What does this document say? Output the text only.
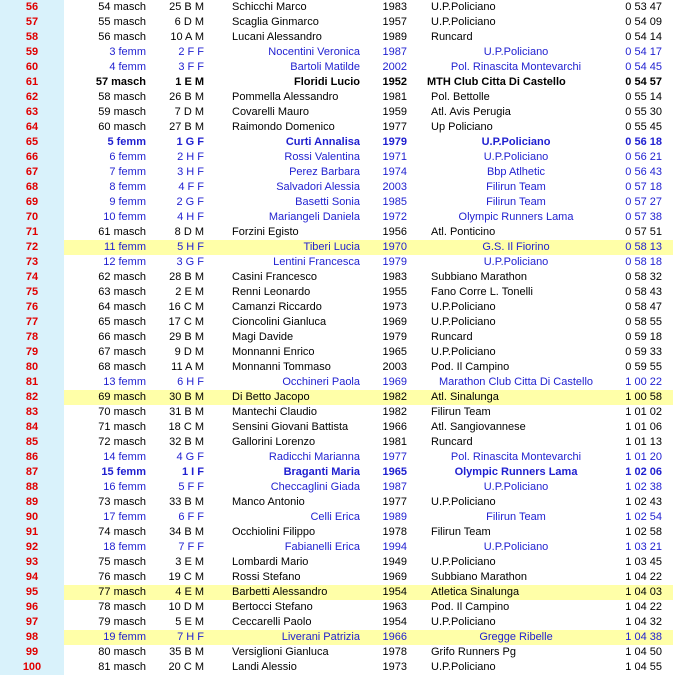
56	54 masch	25 B M	Schicchi Marco	1983 U.P.Policiano	0 53 47
57	55 masch	6 D M	Scaglia Ginmarco	1957 U.P.Policiano	0 54 09
58	56 masch	10 A M	Lucani Alessandro	1989 Runcard	0 54 14
59	3 femm	2 F F	Nocentini Veronica	1987	U.P.Policiano	0 54 17
60	4 femm	3 F F	Bartoli Matilde	2002	Pol. Rinascita Montevarchi	0 54 45
61	57 masch	1 E M	Floridi Lucio	1952 MTH Club Citta Di Castello	0 54 57
62	58 masch	26 B M	Pommella Alessandro	1981 Pol. Bettolle	0 55 14
63	59 masch	7 D M	Covarelli Mauro	1959 Atl. Avis Perugia	0 55 30
64	60 masch	27 B M	Raimondo Domenico	1977 Up Policiano	0 55 45
65	5 femm	1 G F	Curti Annalisa	1979	U.P.Policiano	0 56 18
66	6 femm	2 H F	Rossi Valentina	1971	U.P.Policiano	0 56 21
67	7 femm	3 H F	Perez Barbara	1974	Bbp Atlhetic	0 56 43
68	8 femm	4 F F	Salvadori Alessia	2003	Filirun Team	0 57 18
69	9 femm	2 G F	Basetti Sonia	1985	Filirun Team	0 57 27
70	10 femm	4 H F	Mariangeli Daniela	1972	Olympic Runners Lama	0 57 38
71	61 masch	8 D M	Forzini Egisto	1956 Atl. Ponticino	0 57 51
72	11 femm	5 H F	Tiberi Lucia	1970	G.S. Il Fiorino	0 58 13
73	12 femm	3 G F	Lentini Francesca	1979	U.P.Policiano	0 58 18
74	62 masch	28 B M	Casini Francesco	1983 Subbiano Marathon	0 58 32
75	63 masch	2 E M	Renni Leonardo	1955 Fano Corre L. Tonelli	0 58 43
76	64 masch	16 C M	Camanzi Riccardo	1973 U.P.Policiano	0 58 47
77	65 masch	17 C M	Cioncolini Gianluca	1969 U.P.Policiano	0 58 55
78	66 masch	29 B M	Magi Davide	1979 Runcard	0 59 18
79	67 masch	9 D M	Monnanni Enrico	1965 U.P.Policiano	0 59 33
80	68 masch	11 A M	Monnanni Tommaso	2003 Pod. Il Campino	0 59 55
81	13 femm	6 H F	Occhineri Paola	1969	Marathon Club Citta Di Castello	1 00 22
82	69 masch	30 B M	Di Betto Jacopo	1982 Atl. Sinalunga	1 00 58
83	70 masch	31 B M	Mantechi Claudio	1982 Filirun Team	1 01 02
84	71 masch	18 C M	Sensini Giovani Battista	1966 Atl. Sangiovannese	1 01 06
85	72 masch	32 B M	Gallorini Lorenzo	1981 Runcard	1 01 13
86	14 femm	4 G F	Radicchi Marianna	1977	Pol. Rinascita Montevarchi	1 01 20
87	15 femm	1 I F	Braganti Maria	1965	Olympic Runners Lama	1 02 06
88	16 femm	5 F F	Checcaglini Giada	1987	U.P.Policiano	1 02 38
89	73 masch	33 B M	Manco Antonio	1977 U.P.Policiano	1 02 43
90	17 femm	6 F F	Celli Erica	1989	Filirun Team	1 02 54
91	74 masch	34 B M	Occhiolini Filippo	1978 Filirun Team	1 02 58
92	18 femm	7 F F	Fabianelli Erica	1994	U.P.Policiano	1 03 21
93	75 masch	3 E M	Lombardi Mario	1949 U.P.Policiano	1 03 45
94	76 masch	19 C M	Rossi Stefano	1969 Subbiano Marathon	1 04 22
95	77 masch	4 E M	Barbetti Alessandro	1954 Atletica Sinalunga	1 04 03
96	78 masch	10 D M	Bertocci Stefano	1963 Pod. Il Campino	1 04 22
97	79 masch	5 E M	Ceccarelli Paolo	1954 U.P.Policiano	1 04 32
98	19 femm	7 H F	Liverani Patrizia	1966	Gregge Ribelle	1 04 38
99	80 masch	35 B M	Versiglioni Gianluca	1978 Grifo Runners Pg	1 04 50
100	81 masch	20 C M	Landi Alessio	1973 U.P.Policiano	1 04 55
